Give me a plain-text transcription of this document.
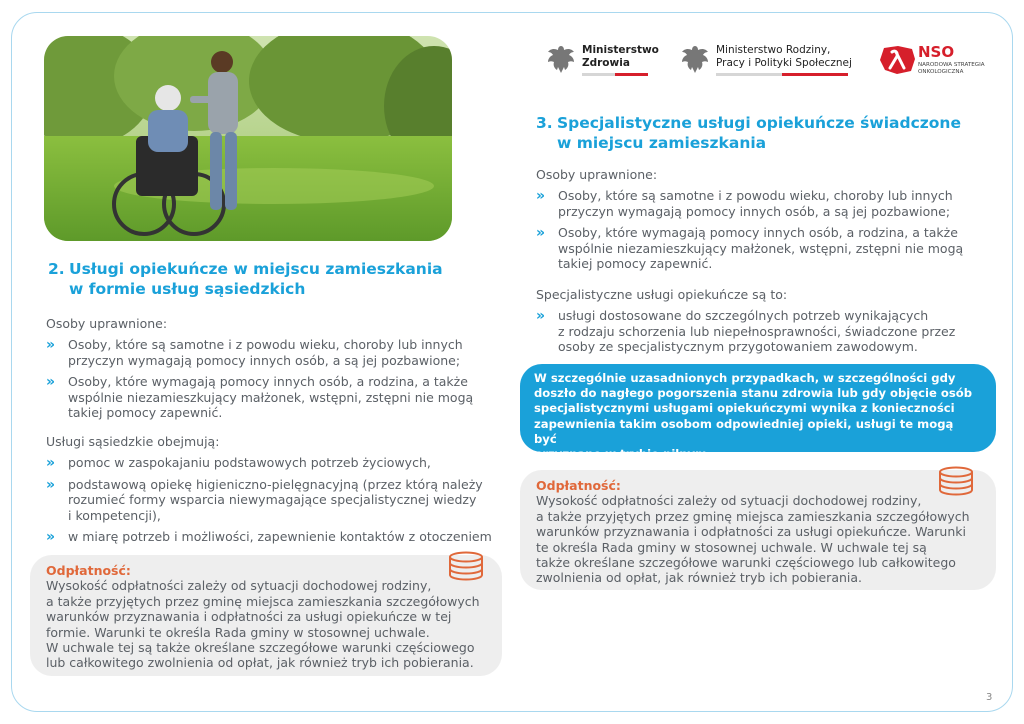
2. Usługi opiekuńcze w miejscu zamieszkania
w formie usług sąsiedzkich
Osoby uprawnione:
» Osoby, które są samotne i z powodu wieku, choroby lub innych
przyczyn wymagają pomocy innych osób, a są jej pozbawione;
» Osoby, które wymagają pomocy innych osób, a rodzina, a także
wspólnie niezamieszkujący małżonek, wstępni, zstępni nie mogą
takiej pomocy zapewnić.
Usługi sąsiedzkie obejmują:
» pomoc w zaspokajaniu podstawowych potrzeb życiowych,
» podstawową opiekę higieniczno-pielęgnacyjną (przez którą należy
rozumieć formy wsparcia niewymagające specjalistycznej wiedzy
i kompetencji),
» w miarę potrzeb i możliwości, zapewnienie kontaktów z otoczeniem
Odpłatność:
Wysokość odpłatności zależy od sytuacji dochodowej rodziny,
a także przyjętych przez gminę miejsca zamieszkania szczegółowych
warunków przyznawania i odpłatności za usługi opiekuńcze w tej
formie. Warunki te określa Rada gminy w stosownej uchwale.
W uchwale tej są także określane szczegółowe warunki częściowego
lub całkowitego zwolnienia od opłat, jak również tryb ich pobierania.
Ministerstwo
Zdrowia
Ministerstwo Rodziny,
Pracy i Polityki Społecznej
NSO
NARODOWA STRATEGIA
ONKOLOGICZNA
3. Specjalistyczne usługi opiekuńcze świadczone
w miejscu zamieszkania
Osoby uprawnione:
» Osoby, które są samotne i z powodu wieku, choroby lub innych
przyczyn wymagają pomocy innych osób, a są jej pozbawione;
» Osoby, które wymagają pomocy innych osób, a rodzina, a także
wspólnie niezamieszkujący małżonek, wstępni, zstępni nie mogą
takiej pomocy zapewnić.
Specjalistyczne usługi opiekuńcze są to:
» usługi dostosowane do szczególnych potrzeb wynikających
z rodzaju schorzenia lub niepełnosprawności, świadczone przez
osoby ze specjalistycznym przygotowaniem zawodowym.
W szczególnie uzasadnionych przypadkach, w szczególności gdy
doszło do nagłego pogorszenia stanu zdrowia lub gdy objęcie osób
specjalistycznymi usługami opiekuńczymi wynika z konieczności
zapewnienia takim osobom odpowiedniej opieki, usługi te mogą być
przyznane w trybie pilnym.
Odpłatność:
Wysokość odpłatności zależy od sytuacji dochodowej rodziny,
a także przyjętych przez gminę miejsca zamieszkania szczegółowych
warunków przyznawania i odpłatności za usługi opiekuńcze. Warunki
te określa Rada gminy w stosownej uchwale. W uchwale tej są
także określane szczegółowe warunki częściowego lub całkowitego
zwolnienia od opłat, jak również tryb ich pobierania.
3
